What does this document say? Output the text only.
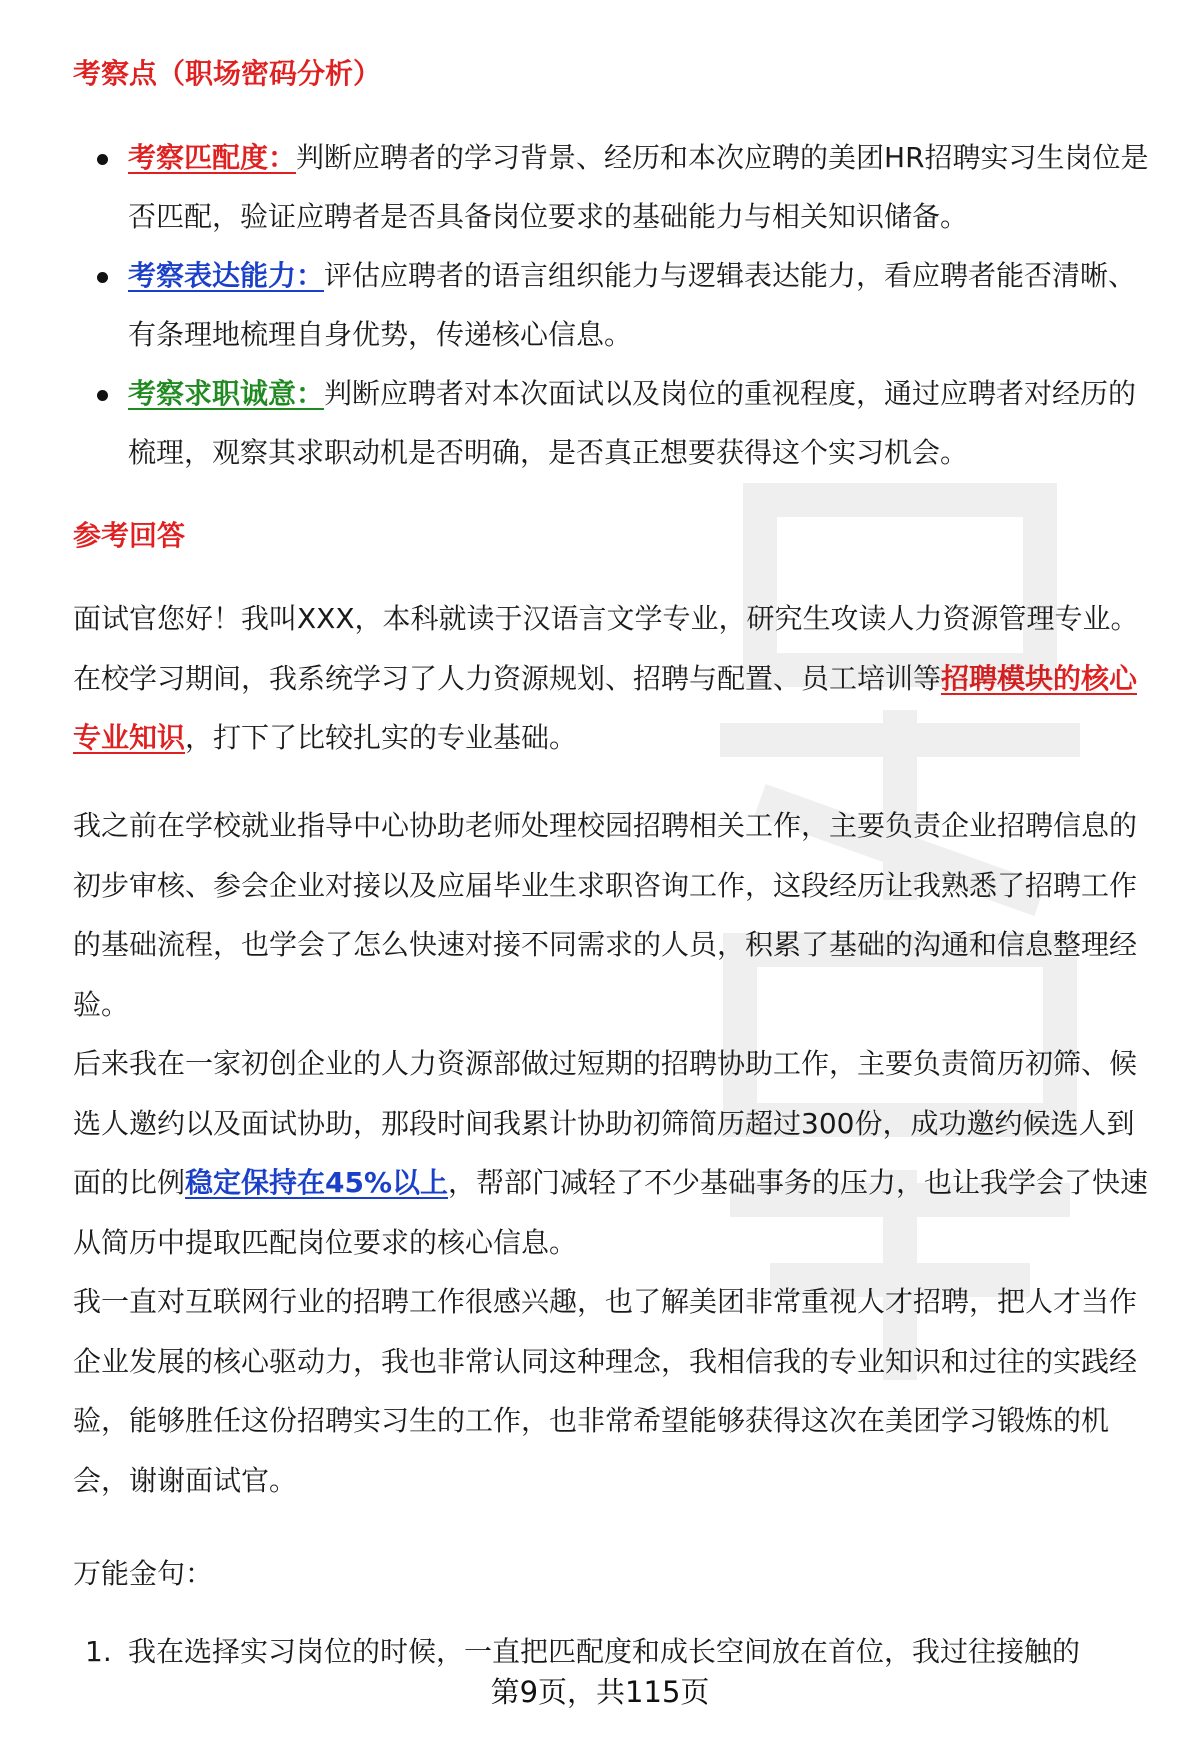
考察点（职场密码分析）
考察匹配度：判断应聘者的学习背景、经历和本次应聘的美团HR招聘实习生岗位是否匹配，验证应聘者是否具备岗位要求的基础能力与相关知识储备。
考察表达能力：评估应聘者的语言组织能力与逻辑表达能力，看应聘者能否清晰、有条理地梳理自身优势，传递核心信息。
考察求职诚意：判断应聘者对本次面试以及岗位的重视程度，通过应聘者对经历的梳理，观察其求职动机是否明确，是否真正想要获得这个实习机会。
参考回答

面试官您好！我叫XXX，本科就读于汉语言文学专业，研究生攻读人力资源管理专业。在校学习期间，我系统学习了人力资源规划、招聘与配置、员工培训等招聘模块的核心专业知识，打下了比较扎实的专业基础。

我之前在学校就业指导中心协助老师处理校园招聘相关工作，主要负责企业招聘信息的初步审核、参会企业对接以及应届毕业生求职咨询工作，这段经历让我熟悉了招聘工作的基础流程，也学会了怎么快速对接不同需求的人员，积累了基础的沟通和信息整理经验。

后来我在一家初创企业的人力资源部做过短期的招聘协助工作，主要负责简历初筛、候选人邀约以及面试协助，那段时间我累计协助初筛简历超过300份，成功邀约候选人到面的比例稳定保持在45%以上，帮部门减轻了不少基础事务的压力，也让我学会了快速从简历中提取匹配岗位要求的核心信息。

我一直对互联网行业的招聘工作很感兴趣，也了解美团非常重视人才招聘，把人才当作企业发展的核心驱动力，我也非常认同这种理念，我相信我的专业知识和过往的实践经验，能够胜任这份招聘实习生的工作，也非常希望能够获得这次在美团学习锻炼的机会，谢谢面试官。

万能金句：
1. 我在选择实习岗位的时候，一直把匹配度和成长空间放在首位，我过往接触的
第9页，共115页
